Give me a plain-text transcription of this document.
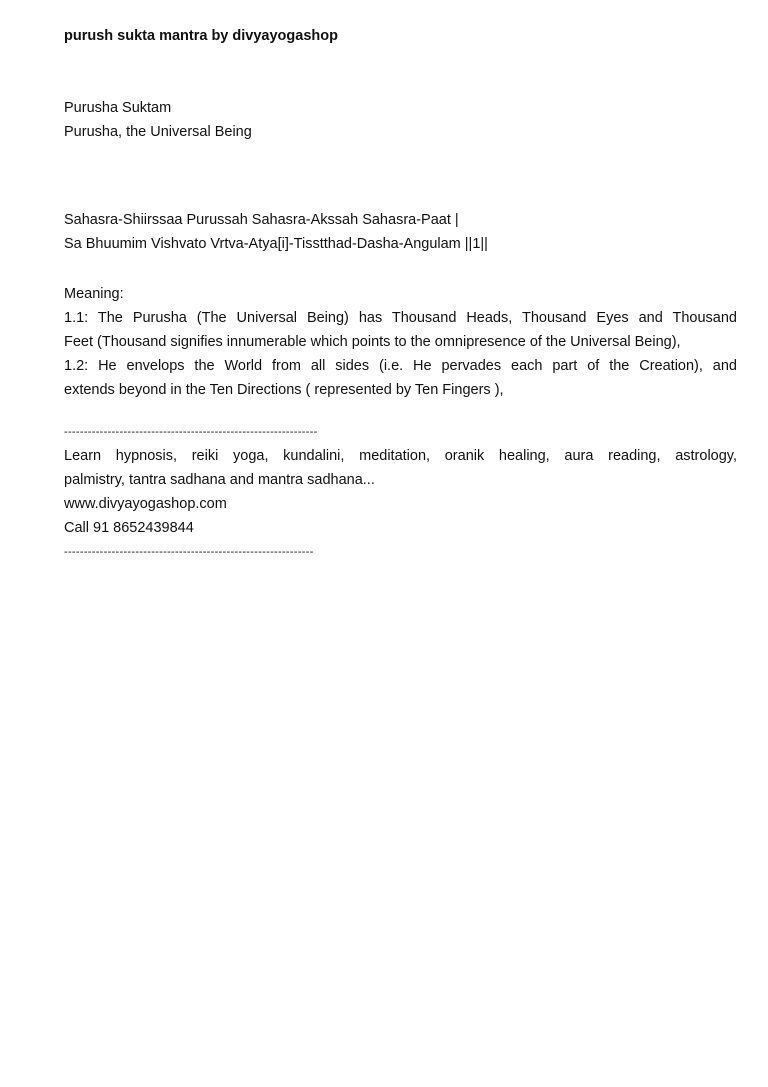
purush sukta mantra by divyayogashop
Purusha Suktam
Purusha, the Universal Being
Sahasra-Shiirssaa Purussah Sahasra-Akssah Sahasra-Paat |
Sa Bhuumim Vishvato Vrtva-Atya[i]-Tisstthad-Dasha-Angulam ||1||
Meaning:
1.1: The Purusha (The Universal Being) has Thousand Heads, Thousand Eyes and Thousand
Feet (Thousand signifies innumerable which points to the omnipresence of the Universal Being),
1.2: He envelops the World from all sides (i.e. He pervades each part of the Creation), and
extends beyond in the Ten Directions ( represented by Ten Fingers ),
----------------------------------------------------------------
Learn hypnosis, reiki yoga, kundalini, meditation, oranik healing, aura reading, astrology,
palmistry, tantra sadhana and mantra sadhana...
www.divyayogashop.com
Call 91 8652439844
---------------------------------------------------------------
